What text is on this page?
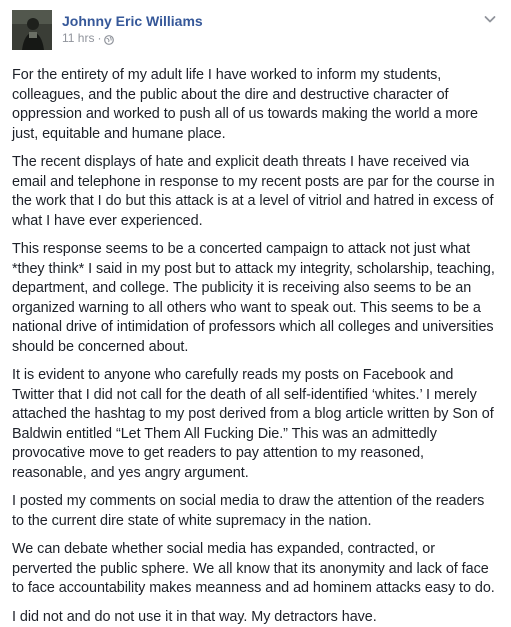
Johnny Eric Williams
11 hrs ·

For the entirety of my adult life I have worked to inform my students, colleagues, and the public about the dire and destructive character of oppression and worked to push all of us towards making the world a more just, equitable and humane place.

The recent displays of hate and explicit death threats I have received via email and telephone in response to my recent posts are par for the course in the work that I do but this attack is at a level of vitriol and hatred in excess of what I have ever experienced.

This response seems to be a concerted campaign to attack not just what *they think* I said in my post but to attack my integrity, scholarship, teaching, department, and college. The publicity it is receiving also seems to be an organized warning to all others who want to speak out. This seems to be a national drive of intimidation of professors which all colleges and universities should be concerned about.

It is evident to anyone who carefully reads my posts on Facebook and Twitter that I did not call for the death of all self-identified ‘whites.’ I merely attached the hashtag to my post derived from a blog article written by Son of Baldwin entitled “Let Them All Fucking Die.” This was an admittedly provocative move to get readers to pay attention to my reasoned, reasonable, and yes angry argument.

I posted my comments on social media to draw the attention of the readers to the current dire state of white supremacy in the nation.

We can debate whether social media has expanded, contracted, or perverted the public sphere. We all know that its anonymity and lack of face to face accountability makes meanness and ad hominem attacks easy to do.

I did not and do not use it in that way. My detractors have.
